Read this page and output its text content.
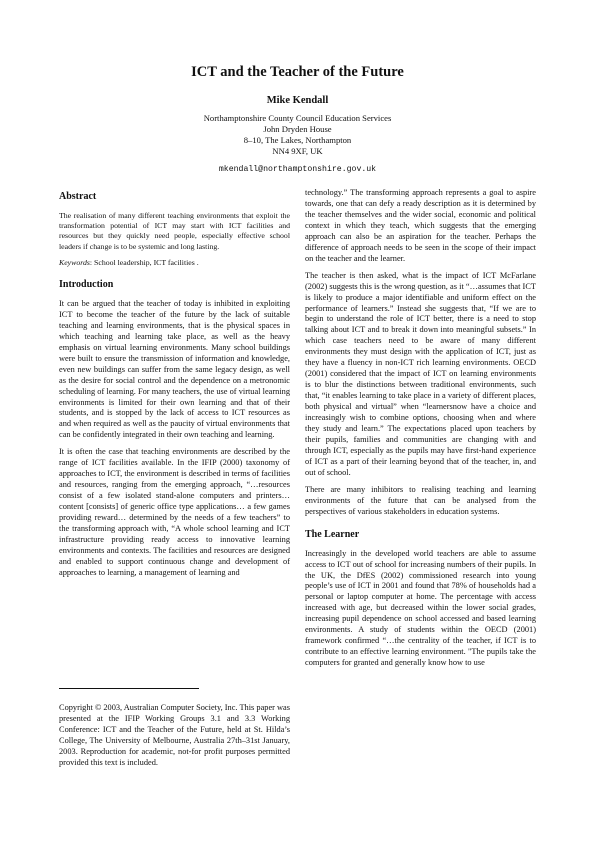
ICT and the Teacher of the Future
Mike Kendall
Northamptonshire County Council Education Services
John Dryden House
8–10, The Lakes, Northampton
NN4 9XF, UK
mkendall@northamptonshire.gov.uk
Abstract

The realisation of many different teaching environments that exploit the transformation potential of ICT may start with ICT facilities and resources but they quickly need people, especially effective school leaders if change is to be systemic and long lasting.

Keywords: School leadership, ICT facilities .

Introduction

It can be argued that the teacher of today is inhibited in exploiting ICT to become the teacher of the future by the lack of suitable teaching and learning environments, that is the physical spaces in which teaching and learning take place, as well as the heavy emphasis on virtual learning environments. Many school buildings were built to ensure the transmission of information and knowledge, even new buildings can suffer from the same legacy design, as well as the desire for social control and the dependence on a metronomic scheduling of learning. For many teachers, the use of virtual learning environments is limited for their own learning and that of their students, and is stopped by the lack of access to ICT resources as and when required as well as the paucity of virtual environments that can be confidently integrated in their own teaching and learning.

It is often the case that teaching environments are described by the range of ICT facilities available. In the IFIP (2000) taxonomy of approaches to ICT, the environment is described in terms of facilities and resources, ranging from the emerging approach, “…resources consist of a few isolated stand-alone computers and printers… content [consists] of generic office type applications… a few games providing reward… determined by the needs of a few teachers” to the transforming approach with, “A whole school learning and ICT infrastructure providing ready access to innovative learning environments and contexts. The facilities and resources are designed and enabled to support continuous change and development of approaches to learning, a management of learning and

Copyright © 2003, Australian Computer Society, Inc. This paper was presented at the IFIP Working Groups 3.1 and 3.3 Working Conference: ICT and the Teacher of the Future, held at St. Hilda’s College, The University of Melbourne, Australia 27th–31st January, 2003. Reproduction for academic, not-for profit purposes permitted provided this text is included.

technology.” The transforming approach represents a goal to aspire towards, one that can defy a ready description as it is determined by the teacher themselves and the wider social, economic and political context in which they teach, which suggests that the emerging approach can also be an aspiration for the teacher. Perhaps the difference of approach needs to be seen in the scope of their impact on the teacher and the learner.

The teacher is then asked, what is the impact of ICT McFarlane (2002) suggests this is the wrong question, as it “…assumes that ICT is likely to produce a major identifiable and uniform effect on the performance of learners.” Instead she suggests that, “If we are to begin to understand the role of ICT better, there is a need to stop talking about ICT and to break it down into meaningful subsets.” In which case teachers need to be aware of many different environments they must design with the application of ICT, just as they have a fluency in non-ICT rich learning environments. OECD (2001) considered that the impact of ICT on learning environments is to blur the distinctions between traditional environments, such that, “it enables learning to take place in a variety of different places, both physical and virtual” when “learnersnow have a choice and increasingly wish to combine options, choosing when and where they study and learn.” The expectations placed upon teachers by their pupils, families and communities are changing with and through ICT, especially as the pupils may have first-hand experience of ICT as a part of their learning beyond that of the teacher, in, and out of school.

There are many inhibitors to realising teaching and learning environments of the future that can be analysed from the perspectives of various stakeholders in education systems.

The Learner

Increasingly in the developed world teachers are able to assume access to ICT out of school for increasing numbers of their pupils. In the UK, the DfES (2002) commissioned research into young people’s use of ICT in 2001 and found that 78% of households had a personal or laptop computer at home. The percentage with access increased with age, but decreased within the lower social grades, increasing pupil dependence on school accessed and based learning environments. A study of students within the OECD (2001) framework confirmed “…the centrality of the teacher, if ICT is to contribute to an effective learning environment. "The pupils take the computers for granted and generally know how to use
